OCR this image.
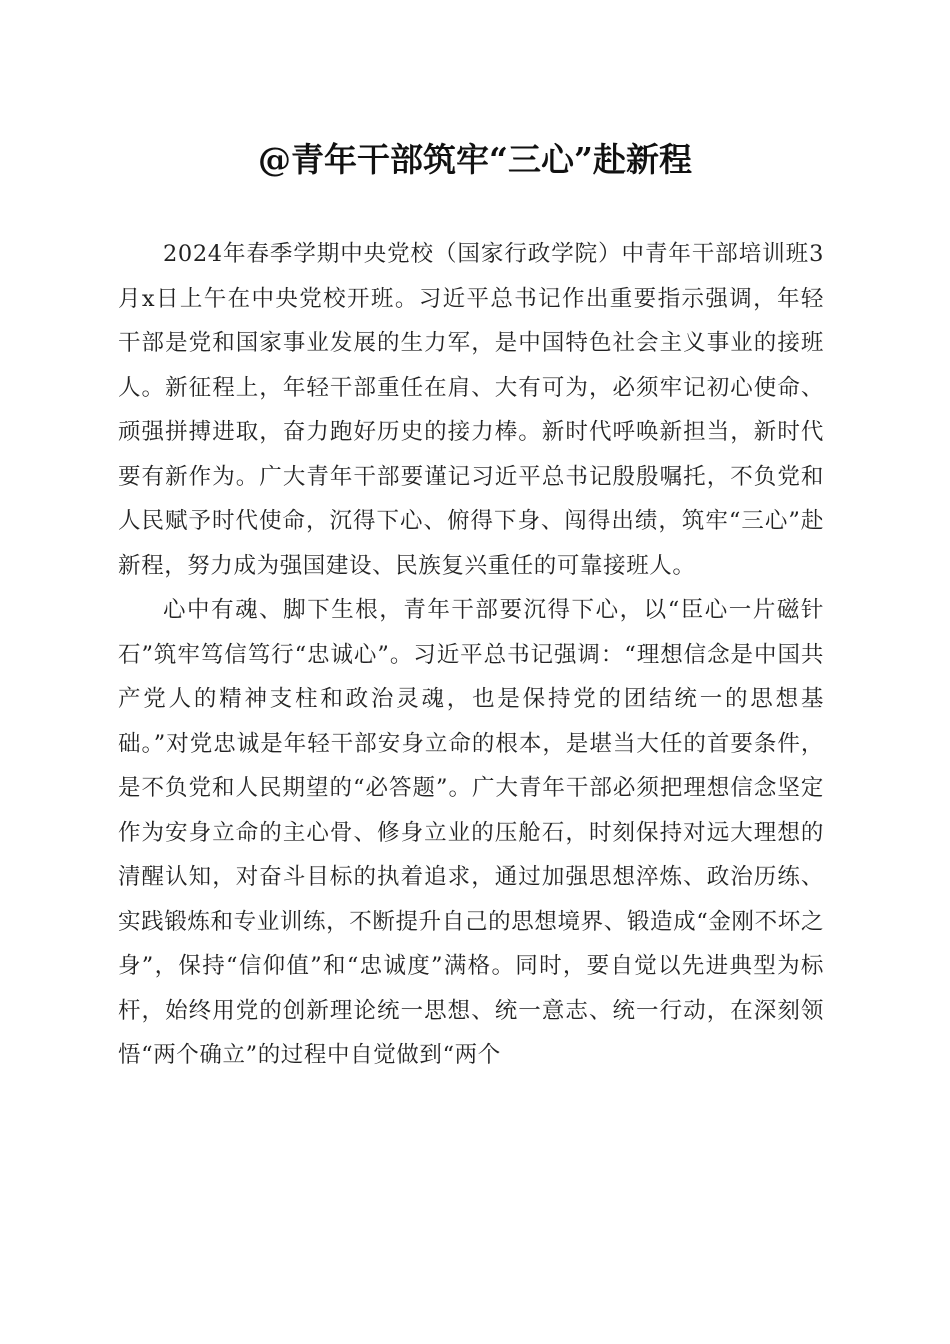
@青年干部筑牢“三心”赴新程

2024年春季学期中央党校（国家行政学院）中青年干部培训班3月x日上午在中央党校开班。习近平总书记作出重要指示强调，年轻干部是党和国家事业发展的生力军，是中国特色社会主义事业的接班人。新征程上，年轻干部重任在肩、大有可为，必须牢记初心使命、顽强拼搏进取，奋力跑好历史的接力棒。新时代呼唤新担当，新时代要有新作为。广大青年干部要谨记习近平总书记殷殷嘱托，不负党和人民赋予时代使命，沉得下心、俯得下身、闯得出绩，筑牢“三心”赴新程，努力成为强国建设、民族复兴重任的可靠接班人。

心中有魂、脚下生根，青年干部要沉得下心，以“臣心一片磁针石”筑牢笃信笃行“忠诚心”。习近平总书记强调：“理想信念是中国共产党人的精神支柱和政治灵魂，也是保持党的团结统一的思想基础。”对党忠诚是年轻干部安身立命的根本，是堪当大任的首要条件，是不负党和人民期望的“必答题”。广大青年干部必须把理想信念坚定作为安身立命的主心骨、修身立业的压舱石，时刻保持对远大理想的清醒认知，对奋斗目标的执着追求，通过加强思想淬炼、政治历练、实践锻炼和专业训练，不断提升自己的思想境界、锻造成“金刚不坏之身”，保持“信仰值”和“忠诚度”满格。同时，要自觉以先进典型为标杆，始终用党的创新理论统一思想、统一意志、统一行动，在深刻领悟“两个确立”的过程中自觉做到“两个
